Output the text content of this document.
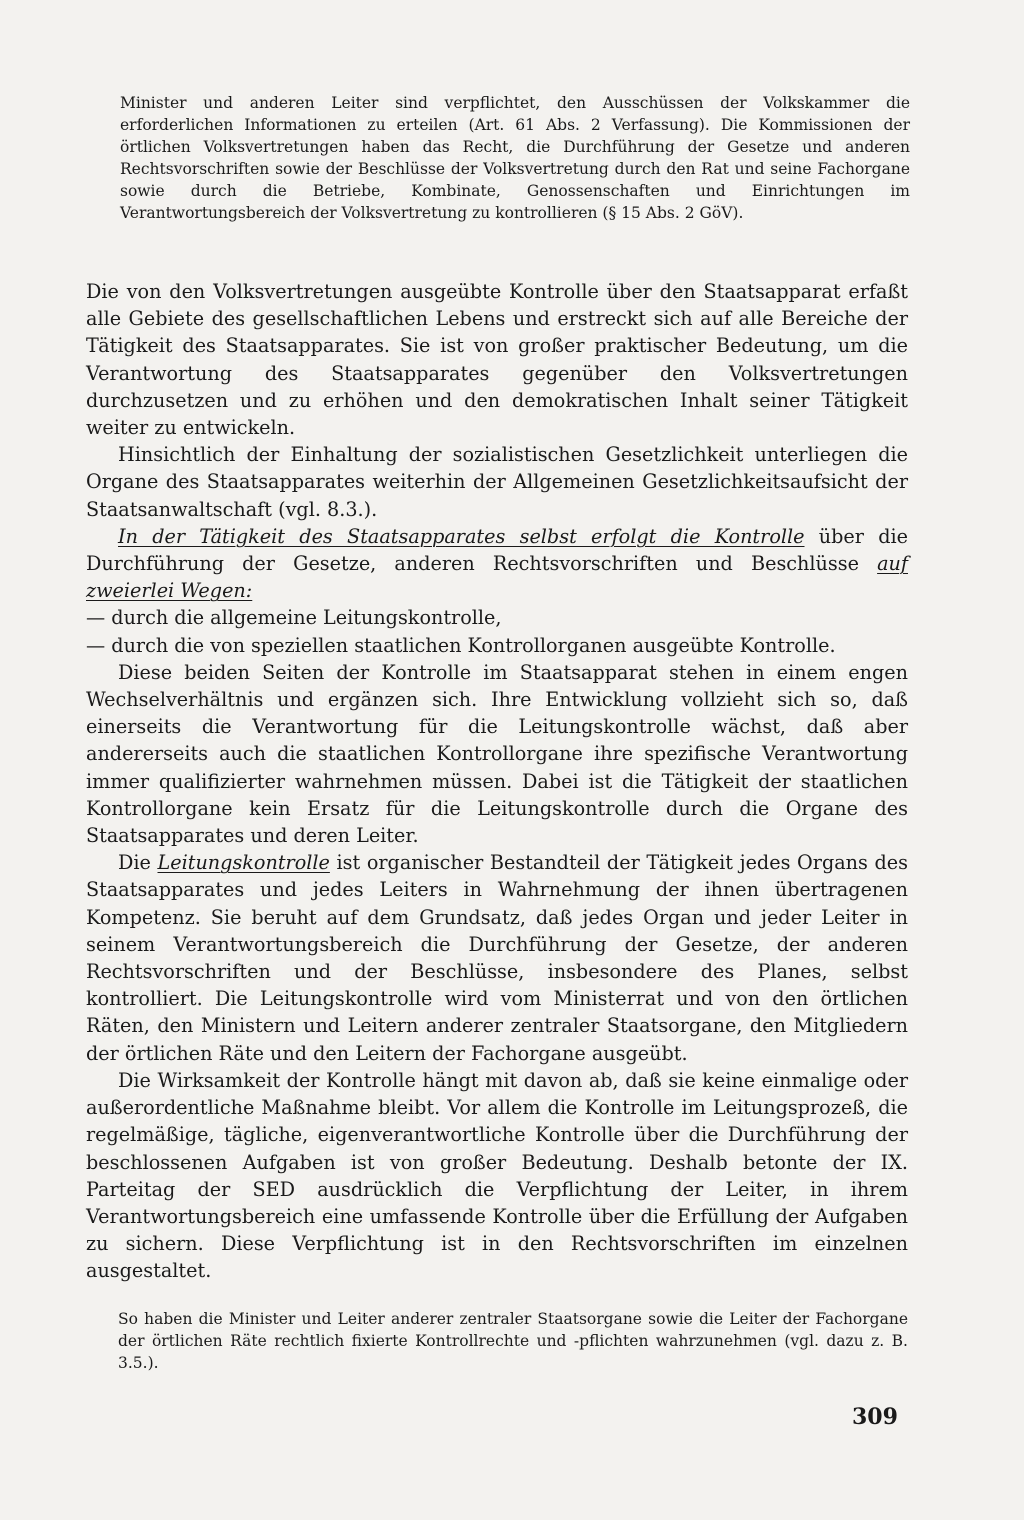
Minister und anderen Leiter sind verpflichtet, den Ausschüssen der Volkskammer die erforderlichen Informationen zu erteilen (Art. 61 Abs. 2 Verfassung). Die Kommissionen der örtlichen Volksvertretungen haben das Recht, die Durchführung der Gesetze und anderen Rechtsvorschriften sowie der Beschlüsse der Volksvertretung durch den Rat und seine Fachorgane sowie durch die Betriebe, Kombinate, Genossenschaften und Einrichtungen im Verantwortungsbereich der Volksvertretung zu kontrollieren (§ 15 Abs. 2 GöV).

Die von den Volksvertretungen ausgeübte Kontrolle über den Staatsapparat erfaßt alle Gebiete des gesellschaftlichen Lebens und erstreckt sich auf alle Bereiche der Tätigkeit des Staatsapparates. Sie ist von großer praktischer Bedeutung, um die Verantwortung des Staatsapparates gegenüber den Volksvertretungen durchzusetzen und zu erhöhen und den demokratischen Inhalt seiner Tätigkeit weiter zu entwickeln.

Hinsichtlich der Einhaltung der sozialistischen Gesetzlichkeit unterliegen die Organe des Staatsapparates weiterhin der Allgemeinen Gesetzlichkeitsaufsicht der Staatsanwaltschaft (vgl. 8.3.).

In der Tätigkeit des Staatsapparates selbst erfolgt die Kontrolle über die Durchführung der Gesetze, anderen Rechtsvorschriften und Beschlüsse auf zweierlei Wegen:

— durch die allgemeine Leitungskontrolle,

— durch die von speziellen staatlichen Kontrollorganen ausgeübte Kontrolle.

Diese beiden Seiten der Kontrolle im Staatsapparat stehen in einem engen Wechselverhältnis und ergänzen sich. Ihre Entwicklung vollzieht sich so, daß einerseits die Verantwortung für die Leitungskontrolle wächst, daß aber andererseits auch die staatlichen Kontrollorgane ihre spezifische Verantwortung immer qualifizierter wahrnehmen müssen. Dabei ist die Tätigkeit der staatlichen Kontrollorgane kein Ersatz für die Leitungskontrolle durch die Organe des Staatsapparates und deren Leiter.

Die Leitungskontrolle ist organischer Bestandteil der Tätigkeit jedes Organs des Staatsapparates und jedes Leiters in Wahrnehmung der ihnen übertragenen Kompetenz. Sie beruht auf dem Grundsatz, daß jedes Organ und jeder Leiter in seinem Verantwortungsbereich die Durchführung der Gesetze, der anderen Rechtsvorschriften und der Beschlüsse, insbesondere des Planes, selbst kontrolliert. Die Leitungskontrolle wird vom Ministerrat und von den örtlichen Räten, den Ministern und Leitern anderer zentraler Staatsorgane, den Mitgliedern der örtlichen Räte und den Leitern der Fachorgane ausgeübt.

Die Wirksamkeit der Kontrolle hängt mit davon ab, daß sie keine einmalige oder außerordentliche Maßnahme bleibt. Vor allem die Kontrolle im Leitungsprozeß, die regelmäßige, tägliche, eigenverantwortliche Kontrolle über die Durchführung der beschlossenen Aufgaben ist von großer Bedeutung. Deshalb betonte der IX. Parteitag der SED ausdrücklich die Verpflichtung der Leiter, in ihrem Verantwortungsbereich eine umfassende Kontrolle über die Erfüllung der Aufgaben zu sichern. Diese Verpflichtung ist in den Rechtsvorschriften im einzelnen ausgestaltet.

So haben die Minister und Leiter anderer zentraler Staatsorgane sowie die Leiter der Fachorgane der örtlichen Räte rechtlich fixierte Kontrollrechte und -pflichten wahrzunehmen (vgl. dazu z. B. 3.5.).

309
